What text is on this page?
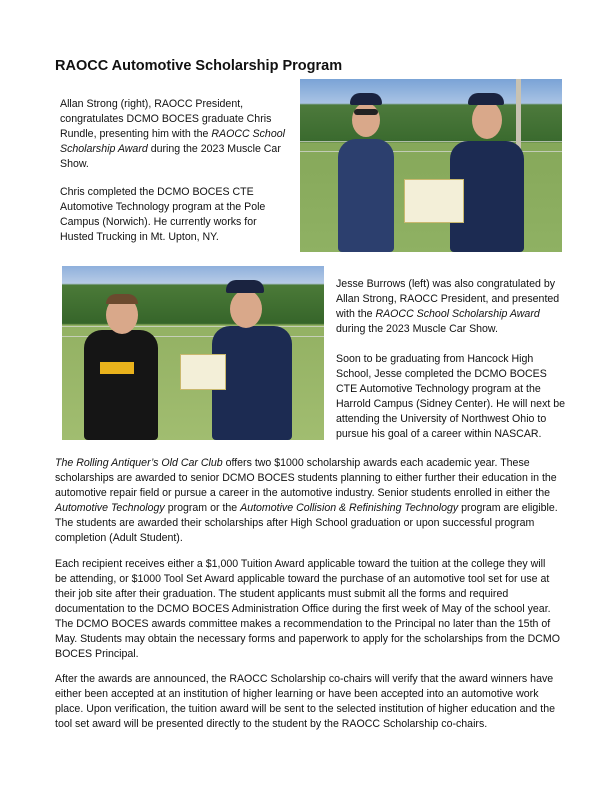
RAOCC Automotive Scholarship Program

Allan Strong (right), RAOCC President, congratulates DCMO BOCES graduate Chris Rundle, presenting him with the RAOCC School Scholarship Award during the 2023 Muscle Car Show.

Chris completed the DCMO BOCES CTE Automotive Technology program at the Pole Campus (Norwich). He currently works for Husted Trucking in Mt. Upton, NY.

Jesse Burrows (left) was also congratulated by Allan Strong, RAOCC President, and presented with the RAOCC School Scholarship Award during the 2023 Muscle Car Show.

Soon to be graduating from Hancock High School, Jesse completed the DCMO BOCES CTE Automotive Technology program at the Harrold Campus (Sidney Center). He will next be attending the University of Northwest Ohio to pursue his goal of a career within NASCAR.

The Rolling Antiquer’s Old Car Club offers two $1000 scholarship awards each academic year. These scholarships are awarded to senior DCMO BOCES students planning to either further their education in the automotive repair field or pursue a career in the automotive industry. Senior students enrolled in either the Automotive Technology program or the Automotive Collision & Refinishing Technology program are eligible. The students are awarded their scholarships after High School graduation or upon successful program completion (Adult Student).

Each recipient receives either a $1,000 Tuition Award applicable toward the tuition at the college they will be attending, or $1000 Tool Set Award applicable toward the purchase of an automotive tool set for use at their job site after their graduation. The student applicants must submit all the forms and required documentation to the DCMO BOCES Administration Office during the first week of May of the school year. The DCMO BOCES awards committee makes a recommendation to the Principal no later than the 15th of May. Students may obtain the necessary forms and paperwork to apply for the scholarships from the DCMO BOCES Principal.

After the awards are announced, the RAOCC Scholarship co-chairs will verify that the award winners have either been accepted at an institution of higher learning or have been accepted into an automotive work place. Upon verification, the tuition award will be sent to the selected institution of higher education and the tool set award will be presented directly to the student by the RAOCC Scholarship co-chairs.
